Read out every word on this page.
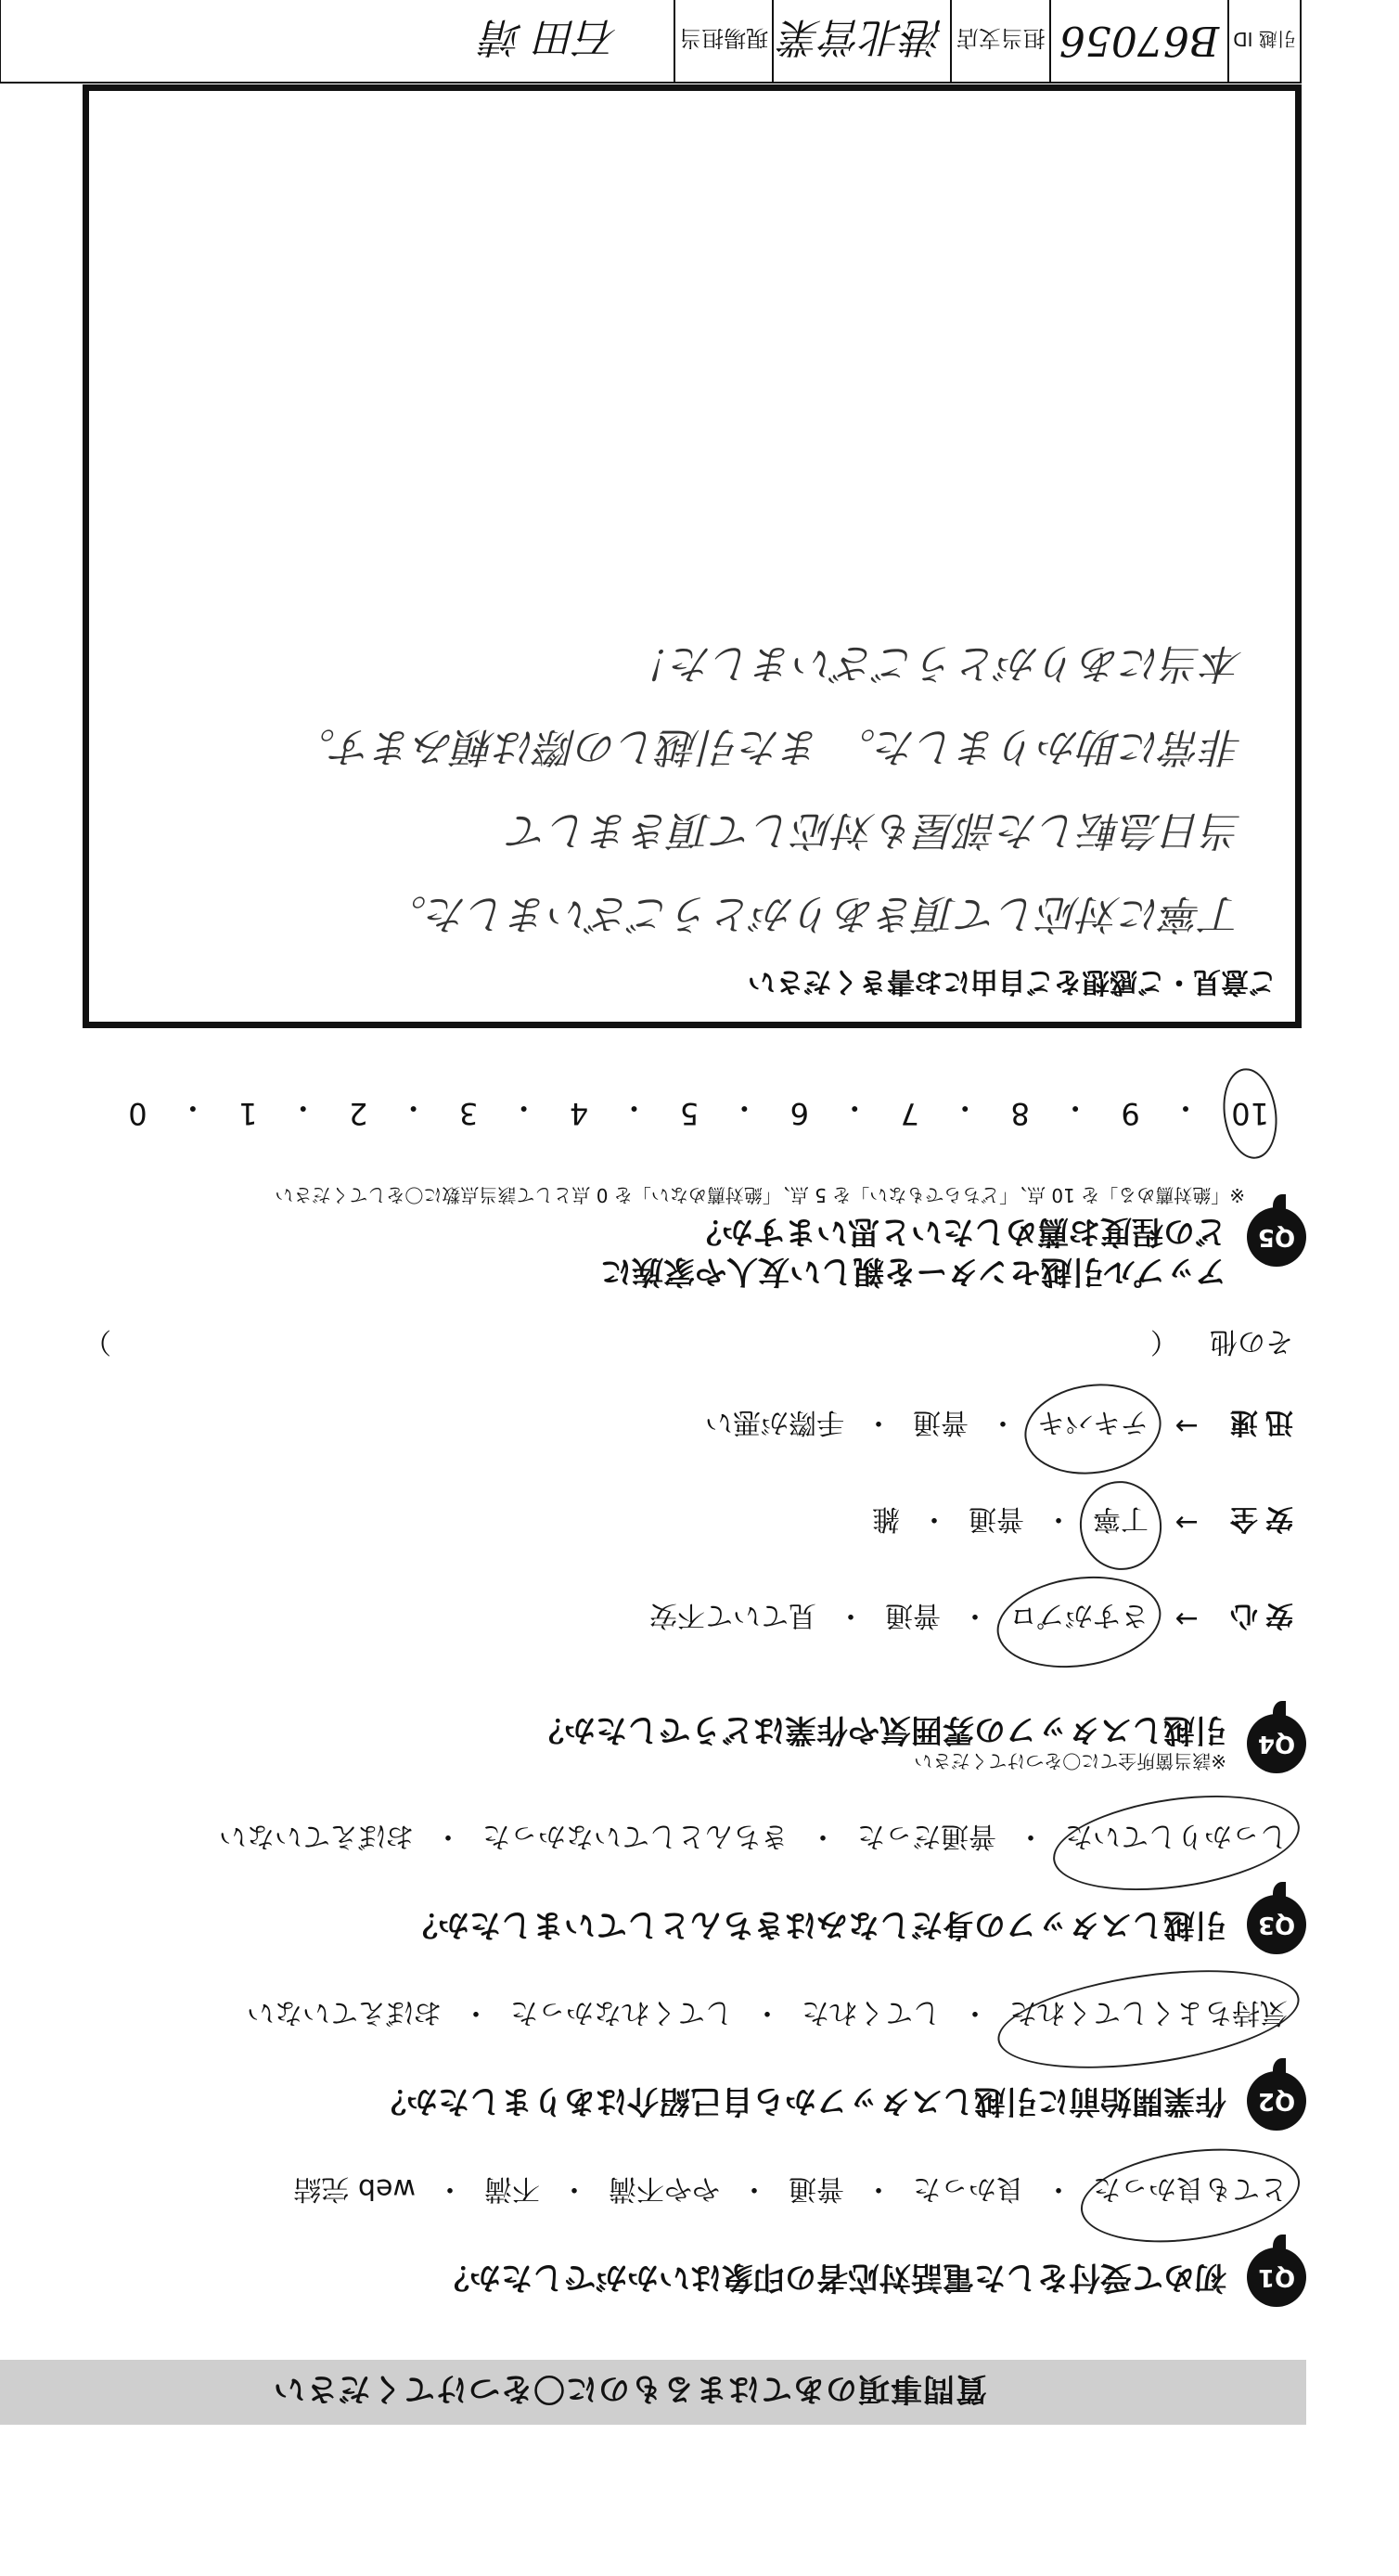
質問事項のあてはまるものに〇をつけてください
Q1
初めて受付をした電話対応者の印象はいかがでしたか？
とても良かった
・
良かった
・
普通
・
やや不満
・
不満
・
web 完結
Q2
作業開始前に引越しスタッフから自己紹介はありましたか？
気持ちよくしてくれた
・
してくれた
・
してくれなかった
・
おぼえていない
Q3
引越しスタッフの身だしなみはきちんとしていましたか？
しっかりしていた
・
普通だった
・
きちんとしていなかった
・
おぼえていない
Q4
※該当箇所全てに〇をつけてください
引越しスタッフの雰囲気や作業はどうでしたか？
安心
→
さすがプロ
・
普通
・
見ていて不安
安全
→
丁寧
・
普通
・
雑
迅速
→
テキパキ
・
普通
・
手際が悪い
その他
（
）
Q5
アップル引越センターを親しい友人や家族に
どの程度お薦めしたいと思いますか？
※「絶対薦める」を 10 点、「どちらでもない」を 5 点、「絶対薦めない」を 0 点として該当点数に〇をしてください
10
・
9
・
8
・
7
・
6
・
5
・
4
・
3
・
2
・
1
・
0
ご意見・ご感想をご自由にお書きください
丁寧に対応して頂きありがとうございました。
当日急転した部屋も対応して頂きまして
非常に助かりました。 また引越しの際は頼みます。
本当にありがとうございました！
引越 ID
B67056
担当支店
港北営業
現場担当
石田 靖
